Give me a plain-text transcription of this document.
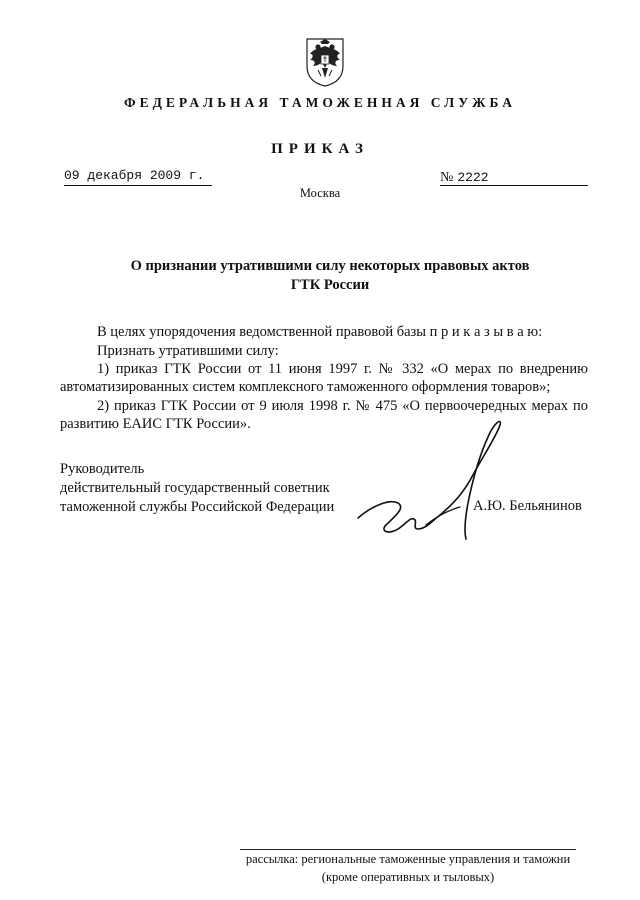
ФЕДЕРАЛЬНАЯ ТАМОЖЕННАЯ СЛУЖБА
ПРИКАЗ
09 декабря 2009 г.	№ 2222
Москва
О признании утратившими силу некоторых правовых актов
ГТК России
В целях упорядочения ведомственной правовой базы п р и к а з ы в а ю:
Признать утратившими силу:
1) приказ ГТК России от 11 июня 1997 г. № 332 «О мерах по внедрению
автоматизированных систем комплексного таможенного оформления товаров»;
2) приказ ГТК России от 9 июля 1998 г. № 475 «О первоочередных мерах по
развитию ЕАИС ГТК России».
Руководитель
действительный государственный советник
таможенной службы Российской Федерации	А.Ю. Бельянинов
рассылка: региональные таможенные управления и таможни
(кроме оперативных и тыловых)
